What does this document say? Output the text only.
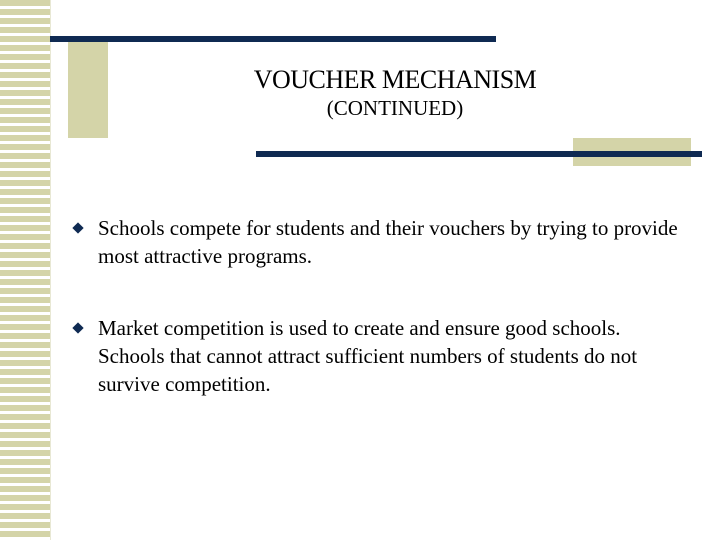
VOUCHER MECHANISM
(CONTINUED)
Schools compete for students and their vouchers by trying to provide most attractive programs.
Market competition is used to create and ensure good schools. Schools that cannot attract sufficient numbers of students do not survive competition.
